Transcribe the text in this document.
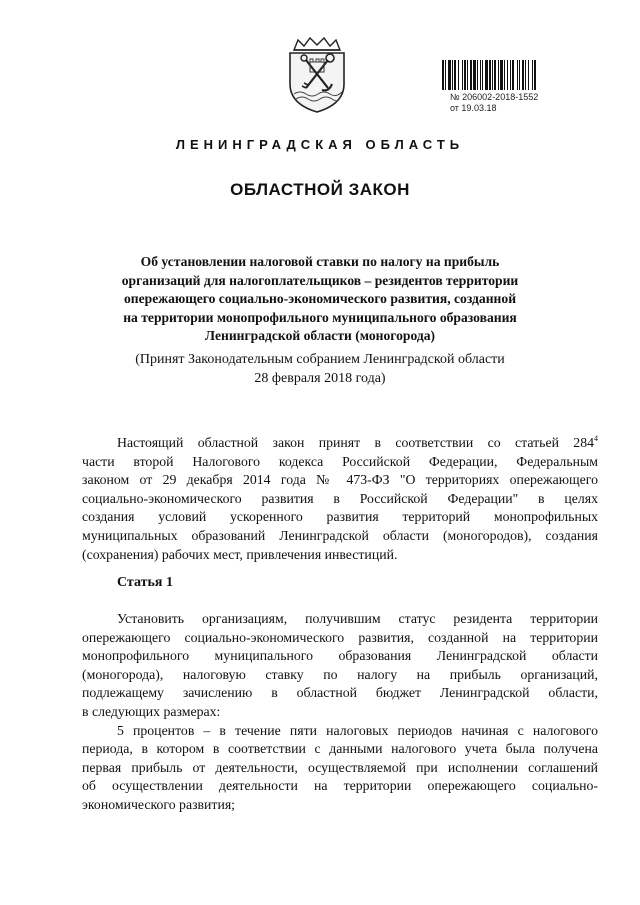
№ 206002-2018-1552
от 19.03.18
ЛЕНИНГРАДСКАЯ ОБЛАСТЬ
ОБЛАСТНОЙ ЗАКОН
Об установлении налоговой ставки по налогу на прибыль
организаций для налогоплательщиков – резидентов территории
опережающего социально-экономического развития, созданной
на территории монопрофильного муниципального образования
Ленинградской области (моногорода)
(Принят Законодательным собранием Ленинградской области
28 февраля 2018 года)
Настоящий областной закон принят в соответствии со статьей $284^4$
части второй Налогового кодекса Российской Федерации, Федеральным
законом от 29 декабря 2014 года № 473-ФЗ "О территориях опережающего
социально-экономического развития в Российской Федерации" в целях
создания условий ускоренного развития территорий монопрофильных
муниципальных образований Ленинградской области (моногородов), создания
(сохранения) рабочих мест, привлечения инвестиций.
Статья 1
Установить организациям, получившим статус резидента территории
опережающего социально-экономического развития, созданной на территории
монопрофильного муниципального образования Ленинградской области
(моногорода), налоговую ставку по налогу на прибыль организаций,
подлежащему зачислению в областной бюджет Ленинградской области,
в следующих размерах:
5 процентов – в течение пяти налоговых периодов начиная с налогового
периода, в котором в соответствии с данными налогового учета была получена
первая прибыль от деятельности, осуществляемой при исполнении соглашений
об осуществлении деятельности на территории опережающего социально-
экономического развития;
